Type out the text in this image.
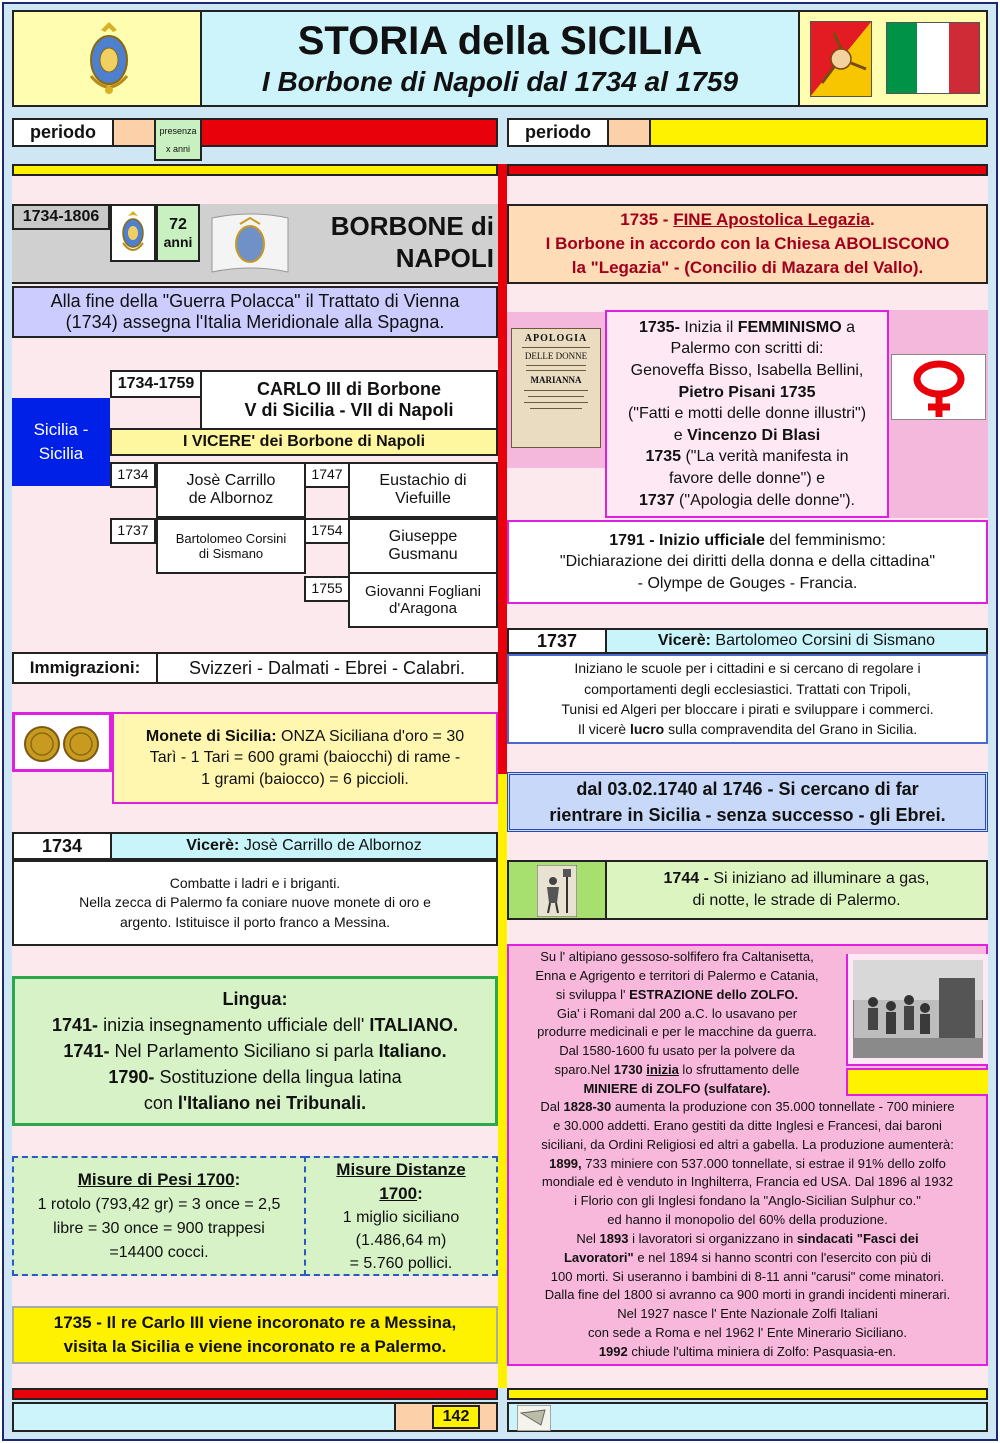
STORIA della SICILIA
I Borbone di Napoli dal 1734 al 1759
periodo	presenza
x anni
periodo
1734-1806	72
anni
BORBONE di
NAPOLI
Alla fine della "Guerra Polacca" il Trattato di Vienna
(1734) assegna l'Italia Meridionale alla Spagna.
1734-1759	CARLO III di Borbone
V di Sicilia - VII di Napoli
Sicilia -
Sicilia
I VICERE' dei Borbone di Napoli
1734 Josè Carrillo
de Albornoz
1747 Eustachio di
Viefuille
1737
Bartolomeo Corsini
di Sismano
1754	Giuseppe
Gusmanu
1755 Giovanni Fogliani
d'Aragona
Immigrazioni:	Svizzeri - Dalmati - Ebrei - Calabri.
Monete di Sicilia: ONZA Siciliana d'oro = 30
Tarì - 1 Tari = 600 grami (baiocchi) di rame -
1 grami (baiocco) = 6 piccioli.
1734	Vicerè: Josè Carrillo de Albornoz
Combatte i ladri e i briganti.
Nella zecca di Palermo fa coniare nuove monete di oro e
argento. Istituisce il porto franco a Messina.
Lingua:
1741- inizia insegnamento ufficiale dell' ITALIANO.
1741- Nel Parlamento Siciliano si parla Italiano.
1790- Sostituzione della lingua latina
con l'Italiano nei Tribunali.
Misure di Pesi 1700:
1 rotolo (793,42 gr) = 3 once = 2,5
libre = 30 once = 900 trappesi
=14400 cocci.
Misure Distanze
1700:
1 miglio siciliano
(1.486,64 m)
= 5.760 pollici.
1735 - Il re Carlo III viene incoronato re a Messina,
visita la Sicilia e viene incoronato re a Palermo.
1735 - FINE Apostolica Legazia.
I Borbone in accordo con la Chiesa ABOLISCONO
la "Legazia" - (Concilio di Mazara del Vallo).
APOLOGIA
DELLE DONNE
MARIANNA
1735- Inizia il FEMMINISMO a
Palermo con scritti di:
Genoveffa Bisso, Isabella Bellini,
Pietro Pisani 1735
("Fatti e motti delle donne illustri")
e Vincenzo Di Blasi
1735 ("La verità manifesta in
favore delle donne") e
1737 ("Apologia delle donne").
1791 - Inizio ufficiale del femminismo:
"Dichiarazione dei diritti della donna e della cittadina"
- Olympe de Gouges - Francia.
1737	Vicerè: Bartolomeo Corsini di Sismano
Iniziano le scuole per i cittadini e si cercano di regolare i
comportamenti degli ecclesiastici. Trattati con Tripoli,
Tunisi ed Algeri per bloccare i pirati e sviluppare i commerci.
Il vicerè lucro sulla compravendita del Grano in Sicilia.
dal 03.02.1740 al 1746 - Si cercano di far
rientrare in Sicilia - senza successo - gli Ebrei.
1744 - Si iniziano ad illuminare a gas,
di notte, le strade di Palermo.
Su l' altipiano gessoso-solfifero fra Caltanisetta,
Enna e Agrigento e territori di Palermo e Catania,
si sviluppa l' ESTRAZIONE dello ZOLFO.
Gia' i Romani dal 200 a.C. lo usavano per
produrre medicinali e per le macchine da guerra.
Dal 1580-1600 fu usato per la polvere da
sparo.Nel 1730 inizia lo sfruttamento delle
MINIERE di ZOLFO (sulfatare).
Dal 1828-30 aumenta la produzione con 35.000 tonnellate - 700 miniere
e 30.000 addetti. Erano gestiti da ditte Inglesi e Francesi, dai baroni
siciliani, da Ordini Religiosi ed altri a gabella. La produzione aumenterà:
1899, 733 miniere con 537.000 tonnellate, si estrae il 91% dello zolfo
mondiale ed è venduto in Inghilterra, Francia ed USA. Dal 1896 al 1932
i Florio con gli Inglesi fondano la "Anglo-Sicilian Sulphur co."
ed hanno il monopolio del 60% della produzione.
Nel 1893 i lavoratori si organizzano in sindacati "Fasci dei
Lavoratori" e nel 1894 si hanno scontri con l'esercito con più di
100 morti. Si useranno i bambini di 8-11 anni "carusi" come minatori.
Dalla fine del 1800 si avranno ca 900 morti in grandi incidenti minerari.
Nel 1927 nasce l' Ente Nazionale Zolfi Italiani
con sede a Roma e nel 1962 l' Ente Minerario Siciliano.
1992 chiude l'ultima miniera di Zolfo: Pasquasia-en.
142
